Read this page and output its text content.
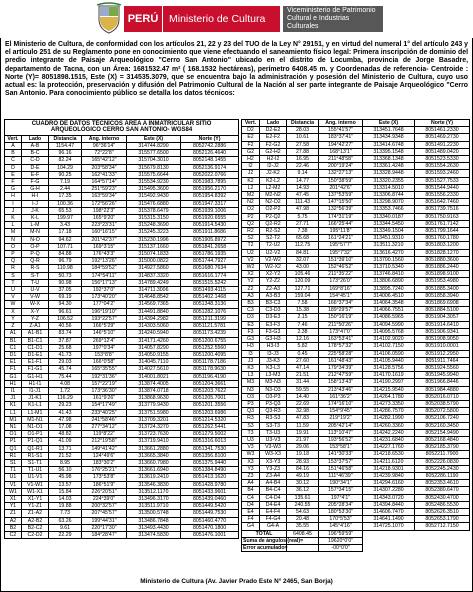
PERÚ	Ministerio de Cultura
Viceministerio de Patrimonio Cultural e Industrias Culturales
El Ministerio de Cultura, de conformidad con los artículos 21, 22 y 23 del TUO de la Ley N° 29151, y en virtud del numeral 1° del artículo 243 y el artículo 251 de su Reglamento pone en conocimiento que viene efectuando el saneamiento físico legal: Primera inscripción de dominio del predio integrante de Paisaje Arqueológico "Cerro San Antonio" ubicado en el distrito de Locumba, provincia de Jorge Basadre, departamento de Tacna, con un Área: 1681532.47 m² ( 168.1532 hectáreas), perímetro 6408.45 m. y Coordenadas de referencia- Centroide : Norte (Y)= 8051898.1515, Este (X) = 314535.3079, que se encuentra bajo la administración y posesión del Ministerio de Cultura, cuyo uso actual es: la protección, preservación y difusión del Patrimonio Cultural de la Nación al ser parte integrante de Paisaje Arqueológico "Cerro San Antonio. Para conocimiento público se detalla los datos técnicos:
CUADRO DE DATOS TÉCNICOS ÁREA A INMATRICULAR SITIO ARQUEOLÓGICO CERRO SAN ANTONIO- WGS84					
Vert.	Lado	Distancia	Ang. interno	Este (X)	Norte (Y)
A	A-B	1154.47	96°36'14"	314744.8290	8052742.2886
B	B-C	96.16	72°22'8"	315577.6500	8052126.4640
C	C-D	82.24	165°42'12"	315704.3010	8052148.1455
D	D-E	104.29	203°58'34"	315679.8130	8052136.9174
E	E-F	90.25	162°41'33"	315575.6644	8052022.0766
F	F-G	7.19	164°57'14"	315534.9230	8051983.7895
G	G-H	2.44	251°59'23"	315495.3600	8051956.2170
H	H-I	17.35	163°59'34"	315492.9430	8051954.8392
I	I-J	100.36	172°56'26"	315476.6880	8051947.3317
J	J-K	65.53	198°22'3"	315378.6479	8051939.1006
K	K-L	199.97	165°9'20"	315315.3150	8051920.6555
L	L-M	3.43	223°23'31"	315248.3690	8051914.5430
M	M-N	17.18	160°16'15"	315245.3223	8051911.8686
N	N-O	94.62	201°42'37"	315230.1996	8051905.8972
O	O-P	107.71	169°3'15"	315137.1660	8051841.2658
P	P-Q	84.88	176°43'3"	315074.1833	8051786.1935
Q	Q-R	96.79	192°13'26"	315000.0822	8051744.7927
R	R-S	110.98	184°59'52"	314927.5860	8051680.7634
S	S-T	50.73	174°54'11"	314837.3320	8051616.1774
T	T-U	90.98	156°17'13"	314789.4249	8051515.5242
U	U-V	37.05	192°37'0"	314711.3006	8051493.4115
V	V-W	69.19	173°40'20"	314648.8542	8051402.1468
W	W-X	94.30	177°04'2"	314569.7365	8051348.3136
X	X-Y	96.61	196°19'10"	314491.8840	8051282.1076
Y	Y-Z	106.52	193°22'57"	314394.2982	8051211.3199
Z	Z-A1	40.56	166°5'29"	314303.5060	8051121.5781
A1	A1-B1	83.74	146°5'10"	314240.5940	8051173.4239
B1	B1-C1	37.87	269°12'4"	314171.4260	8051200.6755
C1	C1-D1	25.68	197°0'34"	314057.8290	8051252.5560
D1	D1-E1	41.73	153°8'8"	314050.9155	8051200.4095
E1	E1-F1	29.03	166°0'58"	314045.7110	8051178.7186
F1	F1-G1	45.74	165°35'55"	314027.5610	8051178.9630
G1	G1-H1	75.44	192°31'36"	314001.8021	8051196.4190
H1	H1-I1	4.08	157°22'19"	313874.4005	8051204.3661
I1	I1-J1	1.72	173°36'30"	313874.0718	8051203.7622
J1	J1-K1	116.29	161°9'26"	313868.9630	8051205.7001
K1	K1-L1	29.23	154°17'49"	313779.9430	8051201.3556
L1	L1-M1	41.43	233°40'25"	313751.5980	8051203.6986
M1	M1-N1	47.98	241°58'46"	313709.3201	8051214.5320
N1	N1-O1	17.08	277°34'12"	313724.3270	8051262.5441
O1	O1-P1	48.82	119°8'22"	313723.7630	8051279.5002
P1	P1-Q1	41.09	212°19'58"	313719.9410	8051316.6013
Q1	Q1-R1	13.71	149°41'42"	313661.2880	8051341.7530
R1	R1-S1	21.52	124°49'6"	313665.3840	8051356.8100
S1	S1-T1	8.95	183°30'2"	313660.7980	8051375.9440
T1	T1-U1	56.10	176°25'21"	313661.6940	8051384.8490
U1	U1-V1	45.98	173°53'8"	313619.2410	8051413.1620
V1	V1-W1	13.57	186°51'9"	313546.3830	8051428.9780
W1	W1-X1	15.84	226°20'51"	313512.1170	8051433.9601
X1	X1-Y1	14.03	224°39'0"	313496.3170	8051439.0460
Y1	Y1-Z1	19.88	200°32'57"	313511.9710	8051449.5420
Z1	Z1-A2	7.73	207°45'57"	313500.5748	8051449.7530
A2	A2-B2	63.26	199°44'31"	313486.7848	8051460.4770
B2	B2-C2	9.61	220°17'30"	313493.4430	8051470.1800
C2	C2-D2	22.29	184°28'47"	313474.5830	8051476.1001
Vert.	Lado	Distancia	Ang. interno	Este (X)	Norte (Y)
D2	D2-E2	28.03	155°41'57"	313451.7648	8051461.2330
E2	E2-F2	10.61	183°37'41"	313434.9348	8051469.2730
F2	F2-G2	27.58	194°42'27"	313414.6748	8051491.2230
G2	G2-H2	27.88	168°13'1"	313395.1548	8051489.0420
H2	H2-I2	16.95	211°48'58"	313368.1348	8051523.5330
I2	I2-J2	22.46	200°19'24"	313361.4248	8051554.2630
J2	J2-K2	9.14	132°27'13"	313328.9448	8051593.2460
K2	K2-L2	14.77	150°38'59"	313320.2355	8051527.7533
L2	L2-M2	14.93	201°42'6"	313314.5010	8051544.9440
M2	M2-N2	47.45	137°53'59"	313306.8744	8051556.2330
N2	N2-O2	111.43	147°15'50"	313298.9070	8051642.7460
O2	O2-P2	47.98	132°56'39"	313353.7466	8051739.7516
P2	P2-Q2	5.75	174°31'19"	313340.0187	8051750.9163
Q2	Q2-R2	27.71	166°25'44"	313344.5450	8051761.7142
R2	R2-S2	7.38	195°11'8"	313349.1504	8051799.1644
S2	S2-T2	65.68	161°24'21"	313451.9310	8051760.1780
T2	T2-U2	112.75	195°57'7"	313511.3210	8051803.1200
U2	U2-V2	84.81	195°7'32"	313616.4270	8051828.1270
V2	V2-W2	32.07	151°39'10"	313700.1560	8051880.3600
W2	W2-X2	43.00	152°46'52"	313710.5340	8051886.2440
X2	X2-Y2	105.46	211°35'22"	313746.8410	8051898.9100
Y2	Y2-Z2	120.09	173°26'0"	313806.6890	8051953.4980
Z2	Z2-A3	127.71	169°8'16"	313895.7240	8051885.3400
A3	A3-B3	159.04	154°45'1"	314006.4510	8051858.3940
B3	B3-C3	7.58	166°37'34"	314064.3548	8051869.6908
C3	C3-D3	15.38	189°29'57"	314066.7551	8051884.5100
D3	D3-E3	2.15	150°16'19"	314086.5965	8051904.3057
E3	E3-F3	7.46	211°50'26"	314094.5990	8051914.6410
F3	F3-G3	2.38	173°47'0"	314095.5768	8051906.9341
G3	G3-H3	12.16	163°53'41"	314102.9020	8051908.9050
H3	H3-I3	5.82	178°57'32"	314102.7150	8051910.0001
I3	I3-J3	0.45	225°58'28"	314106.0590	8051912.2950
J3	J3-K3	27.60	161°48'43"	314105.9440	8051911.7464
K3	K3-L3	47.14	179°34'39"	314128.5756	8051924.5560
L3	L3-M3	21.51	212°47'59"	314170.1619	8051945.9940
M3	M3-N3	31.44	158°13'43"	314190.2997	8051966.8446
N3	N3-O3	59.55	213°43'46"	314215.9540	8051984.4880
O3	O3-P3	14.40	161°36'2"	314264.1780	8052016.0710
P3	P3-Q3	22.69	174°16'10"	314273.3350	8052038.5790
Q3	Q3-R3	32.98	154°9'45"	314286.7570	8052072.5800
R3	R3-S3	47.83	219°19'2"	314282.1990	8052106.7240
S3	S3-T3	11.59	205°42'14"	314260.3360	8052160.3450
T3	T3-U3	19.91	113°10'47"	314242.2240	8052154.9490
U3	U3-V3	21.97	193°56'52"	314231.6840	8052168.4840
V3	V3-W3	29.06	153°58'1"	314227.1760	8052185.3790
W3	W3-X3	19.18	141°30'33"	314218.6530	8052211.7900
X3	X3-Y3	28.93	153°37'57"	314211.6120	8052226.0830
Y3	Y3-Z3	84.16	151°46'58"	314218.9301	8052245.2430
Z3	Z3-A4	49.19	111°46'39"	314239.9840	8052286.1190
A4	A4-B4	30.12	190°34'1"	314294.6160	8052353.4610
B4	B4-C4	36.12	157°34'15"	314307.2280	8052380.6470
C4	C4-D4	135.61	197°4'1"	314343.0720	8052430.4700
D4	D4-E4	240.55	205°28'34"	314394.8440	8052486.5530
E4	E4-F4	54.63	180°53'30"	314606.7470	8052626.3510
F4	F4-G4	20.48	170°5'53"	314641.1490	8052653.1790
G4	G4-A	35.55	145°4'16"	314725.1070	8052712.7150
TOTAL		6408.45	196°59'59"		
Suma de ángulos (real)=			19620°0'0"		
Error acumulado=			-00°0'0"		
Ministerio de Cultura (Av. Javier Prado Este N° 2465, San Borja)
